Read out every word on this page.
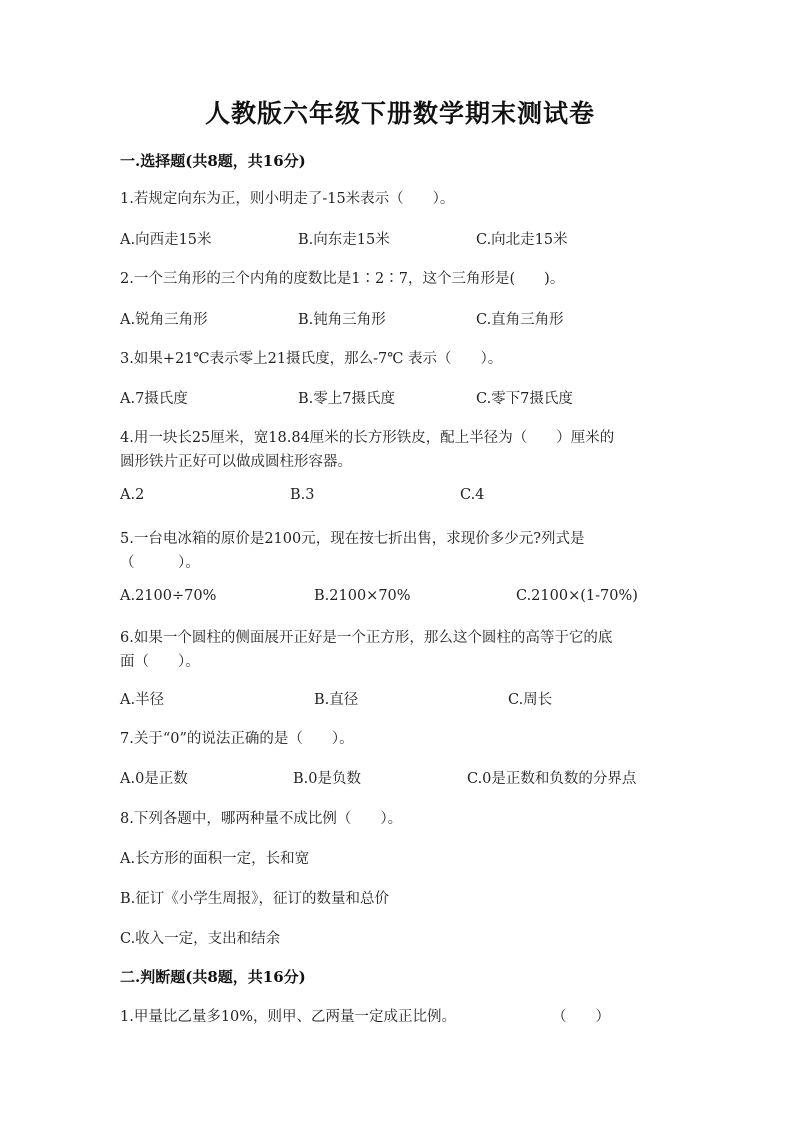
人教版六年级下册数学期末测试卷
一.选择题(共8题，共16分)
1.若规定向东为正，则小明走了-15米表示（　　）。
A.向西走15米	B.向东走15米	C.向北走15米
2.一个三角形的三个内角的度数比是1∶2∶7，这个三角形是(　　)。
A.锐角三角形	B.钝角三角形	C.直角三角形
3.如果+21℃表示零上21摄氏度，那么-7℃ 表示（　　）。
A.7摄氏度	B.零上7摄氏度	C.零下7摄氏度
4.用一块长25厘米，宽18.84厘米的长方形铁皮，配上半径为（　　）厘米的
圆形铁片正好可以做成圆柱形容器。
A.2	B.3	C.4
5.一台电冰箱的原价是2100元，现在按七折出售，求现价多少元?列式是
（　　　）。
A.2100÷70%	B.2100×70%	C.2100×(1-70%)
6.如果一个圆柱的侧面展开正好是一个正方形，那么这个圆柱的高等于它的底
面（　　）。
A.半径	B.直径	C.周长
7.关于“0”的说法正确的是（　　）。
A.0是正数	B.0是负数	C.0是正数和负数的分界点
8.下列各题中，哪两种量不成比例（　　）。
A.长方形的面积一定，长和宽
B.征订《小学生周报》，征订的数量和总价
C.收入一定，支出和结余
二.判断题(共8题，共16分)
1.甲量比乙量多10%，则甲、乙两量一定成正比例。	（　　）
